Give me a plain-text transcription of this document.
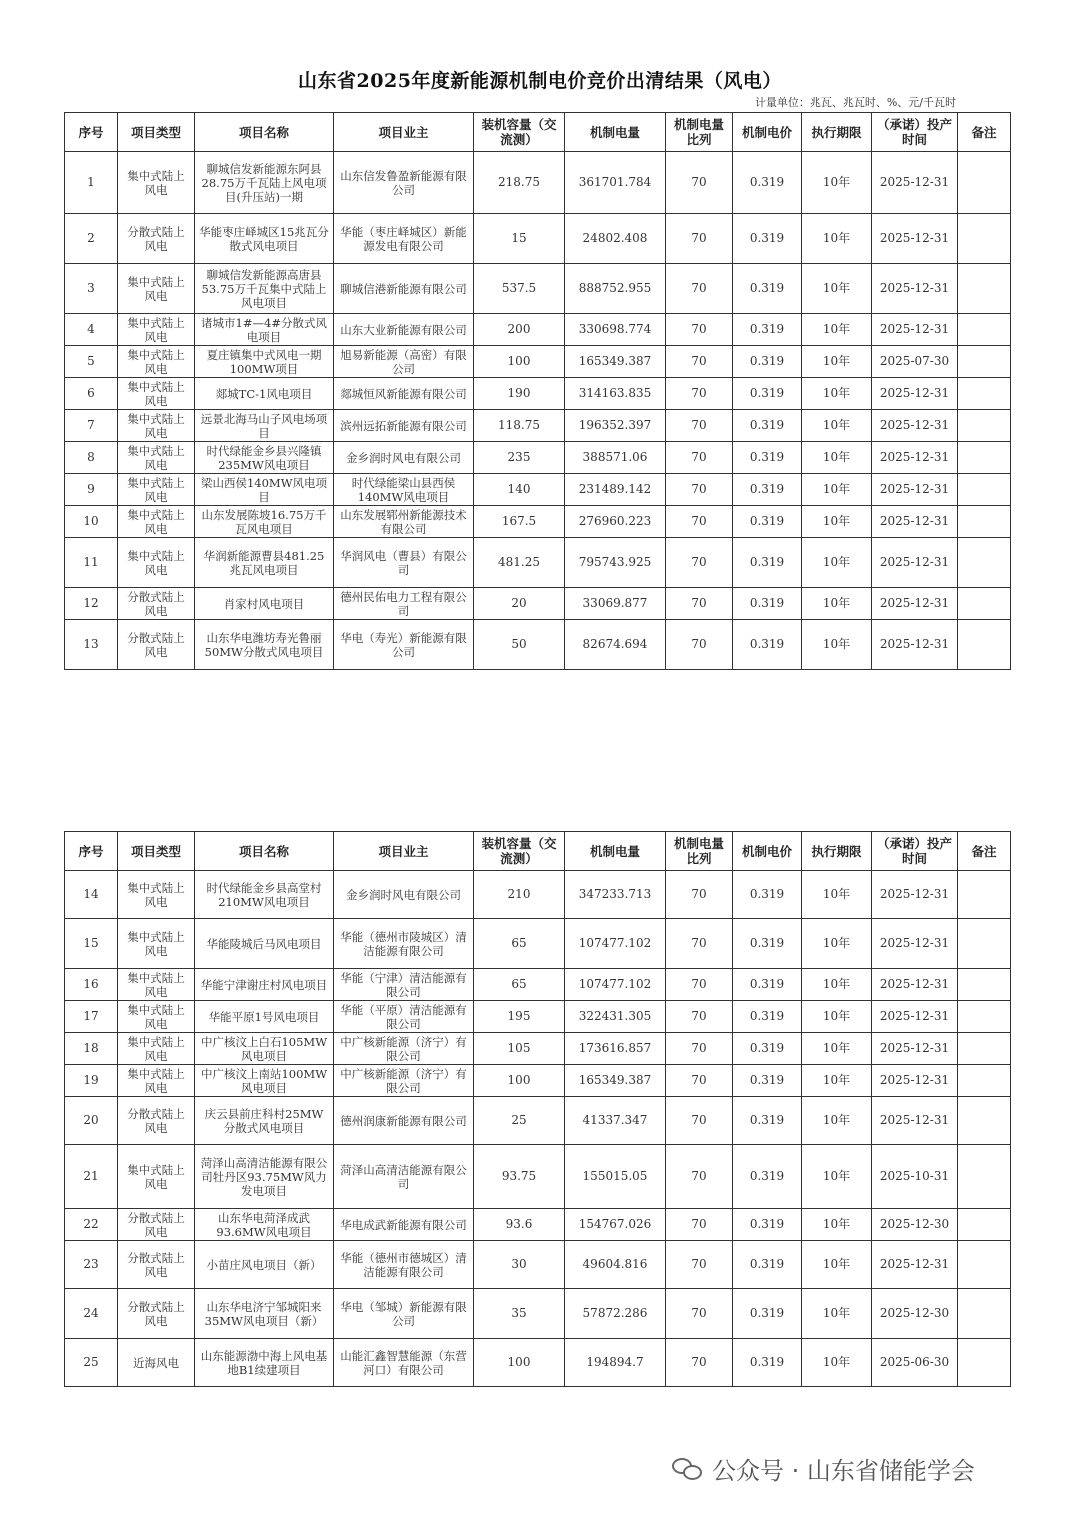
山东省2025年度新能源机制电价竞价出清结果（风电）
计量单位：兆瓦、兆瓦时、%、元/千瓦时
序号	项目类型	项目名称	项目业主	装机容量（交流测）	机制电量	机制电量比列	机制电价	执行期限	（承诺）投产时间	备注
1	集中式陆上风电	聊城信发新能源东阿县28.75万千瓦陆上风电项目(升压站)一期	山东信发鲁盈新能源有限公司	218.75	361701.784	70	0.319	10年	2025-12-31	
2	分散式陆上风电	华能枣庄峄城区15兆瓦分散式风电项目	华能（枣庄峄城区）新能源发电有限公司	15	24802.408	70	0.319	10年	2025-12-31	
3	集中式陆上风电	聊城信发新能源高唐县53.75万千瓦集中式陆上风电项目	聊城信港新能源有限公司	537.5	888752.955	70	0.319	10年	2025-12-31	
4	集中式陆上风电	诸城市1#—4#分散式风电项目	山东大业新能源有限公司	200	330698.774	70	0.319	10年	2025-12-31	
5	集中式陆上风电	夏庄镇集中式风电一期100MW项目	旭易新能源（高密）有限公司	100	165349.387	70	0.319	10年	2025-07-30	
6	集中式陆上风电	郯城TC-1风电项目	郯城恒风新能源有限公司	190	314163.835	70	0.319	10年	2025-12-31	
7	集中式陆上风电	远景北海马山子风电场项目	滨州远拓新能源有限公司	118.75	196352.397	70	0.319	10年	2025-12-31	
8	集中式陆上风电	时代绿能金乡县兴隆镇235MW风电项目	金乡润时风电有限公司	235	388571.06	70	0.319	10年	2025-12-31	
9	集中式陆上风电	梁山西侯140MW风电项目	时代绿能梁山县西侯140MW风电项目	140	231489.142	70	0.319	10年	2025-12-31	
10	集中式陆上风电	山东发展陈坡16.75万千瓦风电项目	山东发展郓州新能源技术有限公司	167.5	276960.223	70	0.319	10年	2025-12-31	
11	集中式陆上风电	华润新能源曹县481.25兆瓦风电项目	华润风电（曹县）有限公司	481.25	795743.925	70	0.319	10年	2025-12-31	
12	分散式陆上风电	肖家村风电项目	德州民佑电力工程有限公司	20	33069.877	70	0.319	10年	2025-12-31	
13	分散式陆上风电	山东华电潍坊寿光鲁丽50MW分散式风电项目	华电（寿光）新能源有限公司	50	82674.694	70	0.319	10年	2025-12-31	
序号	项目类型	项目名称	项目业主	装机容量（交流测）	机制电量	机制电量比列	机制电价	执行期限	（承诺）投产时间	备注
14	集中式陆上风电	时代绿能金乡县高堂村210MW风电项目	金乡润时风电有限公司	210	347233.713	70	0.319	10年	2025-12-31	
15	集中式陆上风电	华能陵城后马风电项目	华能（德州市陵城区）清洁能源有限公司	65	107477.102	70	0.319	10年	2025-12-31	
16	集中式陆上风电	华能宁津谢庄村风电项目	华能（宁津）清洁能源有限公司	65	107477.102	70	0.319	10年	2025-12-31	
17	集中式陆上风电	华能平原1号风电项目	华能（平原）清洁能源有限公司	195	322431.305	70	0.319	10年	2025-12-31	
18	集中式陆上风电	中广核汶上白石105MW风电项目	中广核新能源（济宁）有限公司	105	173616.857	70	0.319	10年	2025-12-31	
19	集中式陆上风电	中广核汶上南站100MW风电项目	中广核新能源（济宁）有限公司	100	165349.387	70	0.319	10年	2025-12-31	
20	分散式陆上风电	庆云县前庄科村25MW分散式风电项目	德州润康新能源有限公司	25	41337.347	70	0.319	10年	2025-12-31	
21	集中式陆上风电	菏泽山高清洁能源有限公司牡丹区93.75MW风力发电项目	菏泽山高清洁能源有限公司	93.75	155015.05	70	0.319	10年	2025-10-31	
22	分散式陆上风电	山东华电菏泽成武93.6MW风电项目	华电成武新能源有限公司	93.6	154767.026	70	0.319	10年	2025-12-30	
23	分散式陆上风电	小苗庄风电项目（新）	华能（德州市德城区）清洁能源有限公司	30	49604.816	70	0.319	10年	2025-12-31	
24	分散式陆上风电	山东华电济宁邹城阳来35MW风电项目（新）	华电（邹城）新能源有限公司	35	57872.286	70	0.319	10年	2025-12-30	
25	近海风电	山东能源渤中海上风电基地B1续建项目	山能汇鑫智慧能源（东营河口）有限公司	100	194894.7	70	0.319	10年	2025-06-30	
公众号 · 山东省储能学会
